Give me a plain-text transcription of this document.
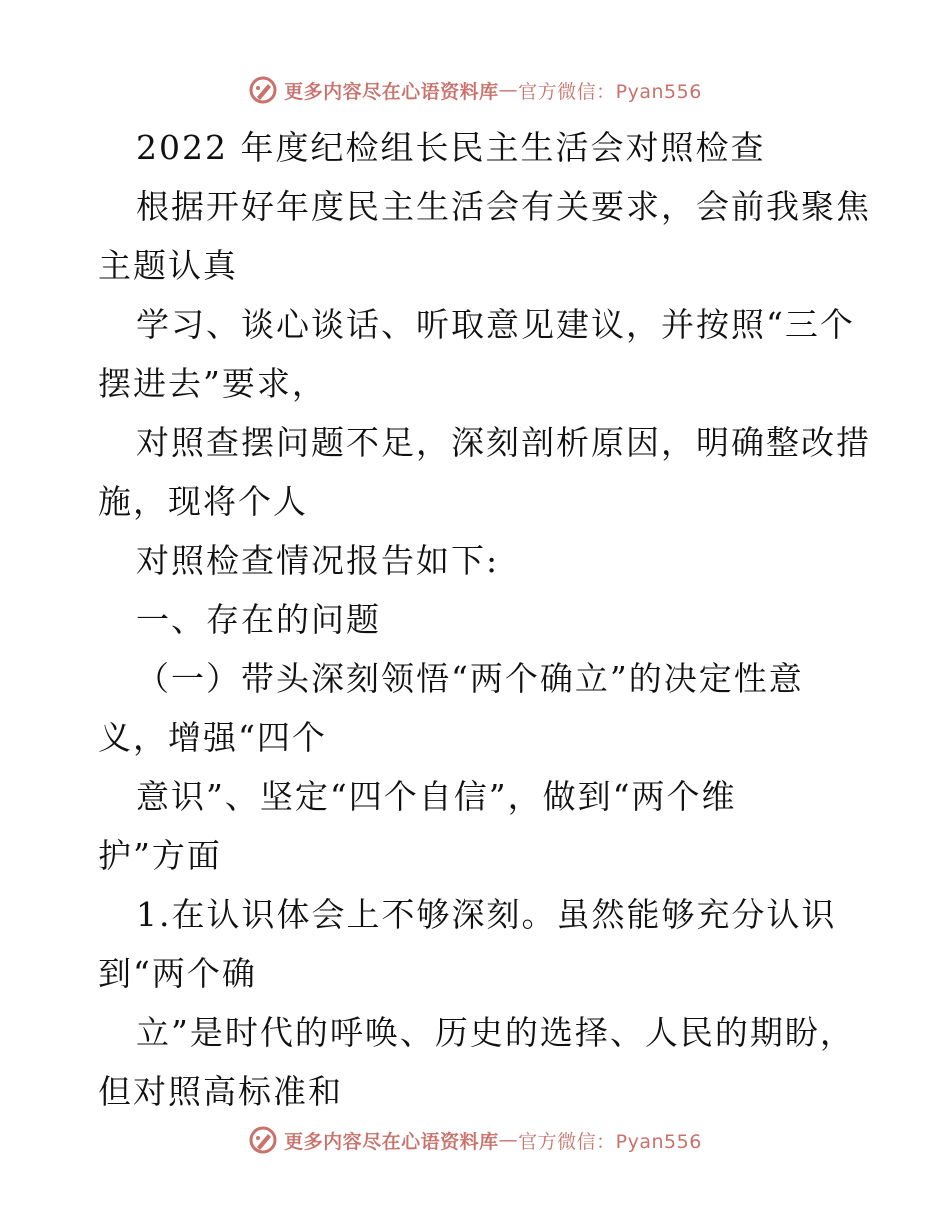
更多内容尽在心语资料库 — 官方微信：Pyan556
2022 年度纪检组长民主生活会对照检查
根据开好年度民主生活会有关要求，会前我聚焦
主题认真
学习、谈心谈话、听取意见建议，并按照“三个
摆进去”要求，
对照查摆问题不足，深刻剖析原因，明确整改措
施，现将个人
对照检查情况报告如下:
一、存在的问题
（一）带头深刻领悟“两个确立”的决定性意
义，增强“四个
意识”、坚定“四个自信”，做到“两个维
护”方面
1.在认识体会上不够深刻。虽然能够充分认识
到“两个确
立”是时代的呼唤、历史的选择、人民的期盼，
但对照高标准和
更多内容尽在心语资料库 — 官方微信：Pyan556
